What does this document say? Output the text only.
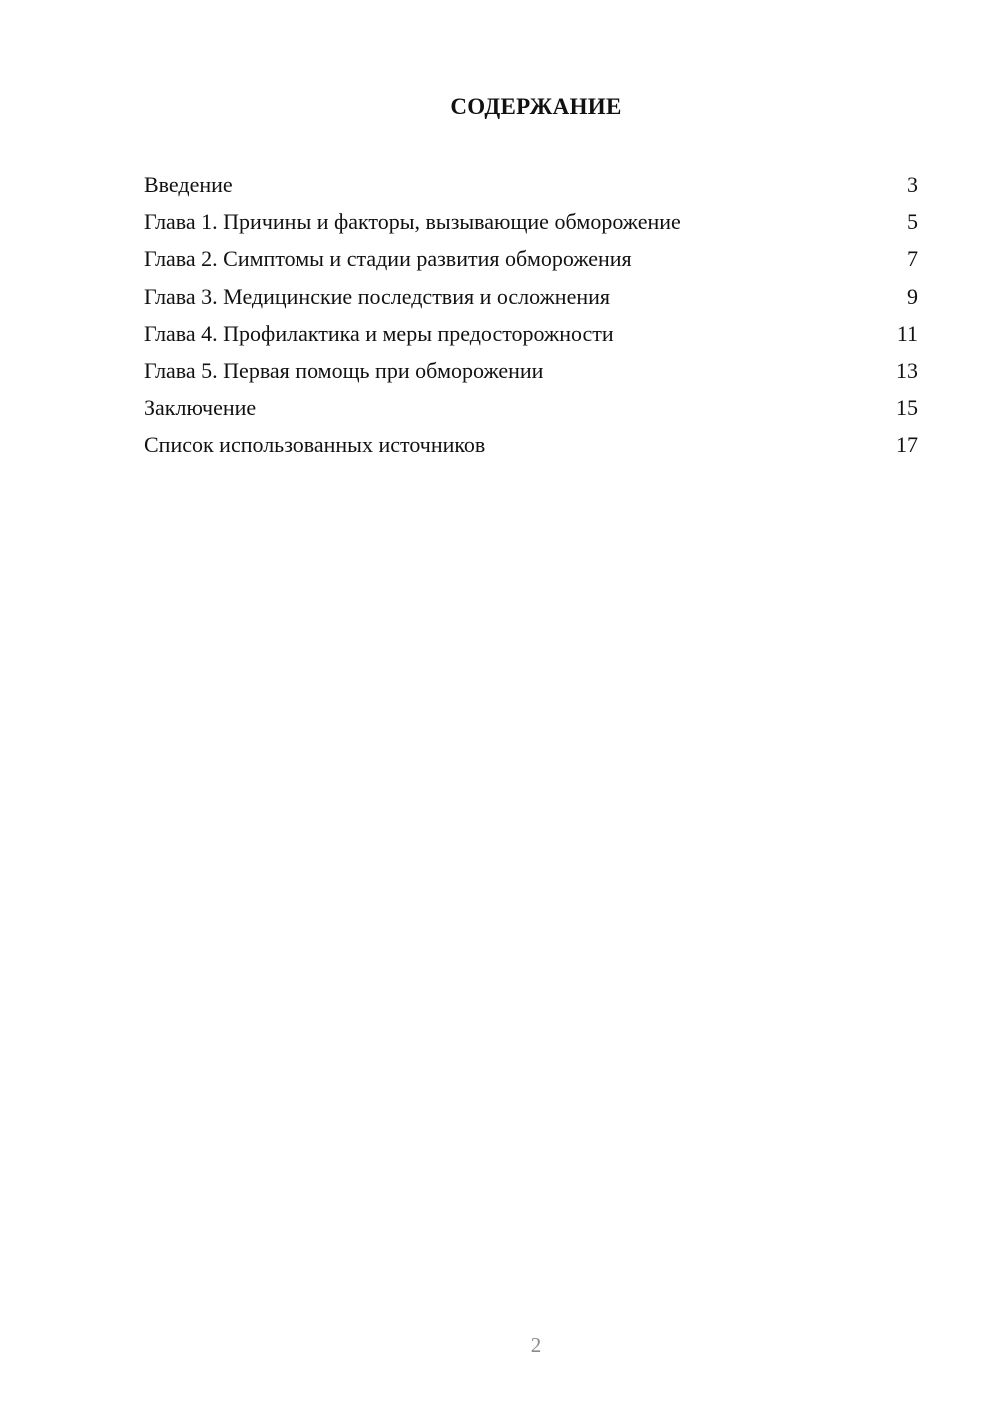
СОДЕРЖАНИЕ
Введение	3
Глава 1. Причины и факторы, вызывающие обморожение	5
Глава 2. Симптомы и стадии развития обморожения	7
Глава 3. Медицинские последствия и осложнения	9
Глава 4. Профилактика и меры предосторожности	11
Глава 5. Первая помощь при обморожении	13
Заключение	15
Список использованных источников	17
2
